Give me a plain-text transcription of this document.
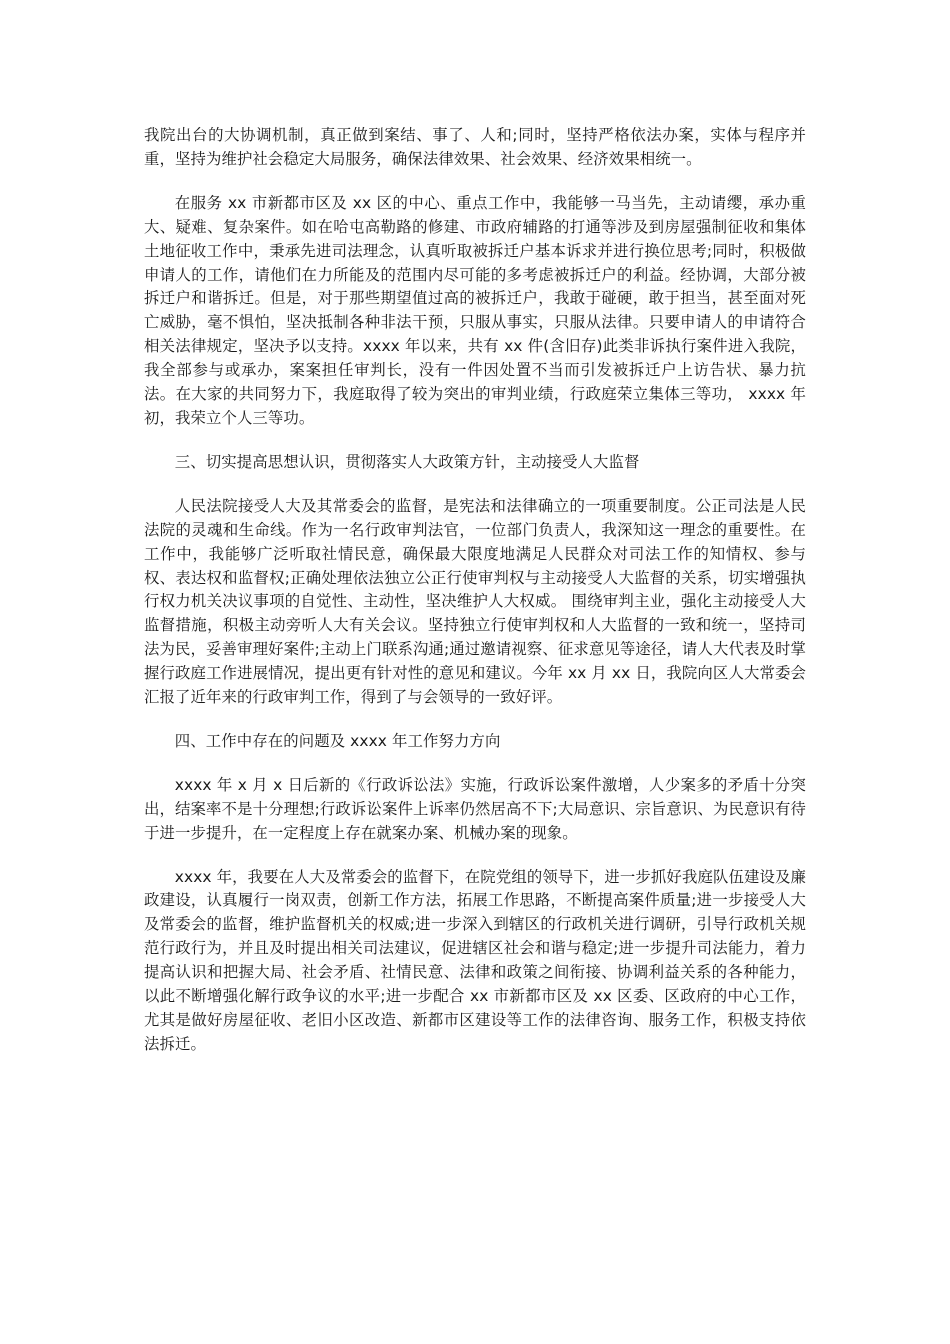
我院出台的大协调机制，真正做到案结、事了、人和;同时，坚持严格依法办案，实体与程序并重，坚持为维护社会稳定大局服务，确保法律效果、社会效果、经济效果相统一。

在服务 xx 市新都市区及 xx 区的中心、重点工作中，我能够一马当先，主动请缨，承办重大、疑难、复杂案件。如在哈屯高勒路的修建、市政府辅路的打通等涉及到房屋强制征收和集体土地征收工作中，秉承先进司法理念，认真听取被拆迁户基本诉求并进行换位思考;同时，积极做申请人的工作，请他们在力所能及的范围内尽可能的多考虑被拆迁户的利益。经协调，大部分被拆迁户和谐拆迁。但是，对于那些期望值过高的被拆迁户，我敢于碰硬，敢于担当，甚至面对死亡威胁，毫不惧怕，坚决抵制各种非法干预，只服从事实，只服从法律。只要申请人的申请符合相关法律规定，坚决予以支持。xxxx 年以来，共有 xx 件(含旧存)此类非诉执行案件进入我院，我全部参与或承办，案案担任审判长，没有一件因处置不当而引发被拆迁户上访告状、暴力抗法。在大家的共同努力下，我庭取得了较为突出的审判业绩，行政庭荣立集体三等功， xxxx 年初，我荣立个人三等功。

三、切实提高思想认识，贯彻落实人大政策方针，主动接受人大监督

人民法院接受人大及其常委会的监督，是宪法和法律确立的一项重要制度。公正司法是人民法院的灵魂和生命线。作为一名行政审判法官，一位部门负责人，我深知这一理念的重要性。在工作中，我能够广泛听取社情民意，确保最大限度地满足人民群众对司法工作的知情权、参与权、表达权和监督权;正确处理依法独立公正行使审判权与主动接受人大监督的关系，切实增强执行权力机关决议事项的自觉性、主动性，坚决维护人大权威。 围绕审判主业，强化主动接受人大监督措施，积极主动旁听人大有关会议。坚持独立行使审判权和人大监督的一致和统一，坚持司法为民，妥善审理好案件;主动上门联系沟通;通过邀请视察、征求意见等途径，请人大代表及时掌握行政庭工作进展情况，提出更有针对性的意见和建议。今年 xx 月 xx 日，我院向区人大常委会汇报了近年来的行政审判工作，得到了与会领导的一致好评。

四、工作中存在的问题及 xxxx 年工作努力方向

xxxx 年 x 月 x 日后新的《行政诉讼法》实施，行政诉讼案件激增，人少案多的矛盾十分突出，结案率不是十分理想;行政诉讼案件上诉率仍然居高不下;大局意识、宗旨意识、为民意识有待于进一步提升，在一定程度上存在就案办案、机械办案的现象。

xxxx 年，我要在人大及常委会的监督下，在院党组的领导下，进一步抓好我庭队伍建设及廉政建设，认真履行一岗双责，创新工作方法，拓展工作思路，不断提高案件质量;进一步接受人大及常委会的监督，维护监督机关的权威;进一步深入到辖区的行政机关进行调研，引导行政机关规范行政行为，并且及时提出相关司法建议，促进辖区社会和谐与稳定;进一步提升司法能力，着力提高认识和把握大局、社会矛盾、社情民意、法律和政策之间衔接、协调利益关系的各种能力，以此不断增强化解行政争议的水平;进一步配合 xx 市新都市区及 xx 区委、区政府的中心工作，尤其是做好房屋征收、老旧小区改造、新都市区建设等工作的法律咨询、服务工作，积极支持依法拆迁。
